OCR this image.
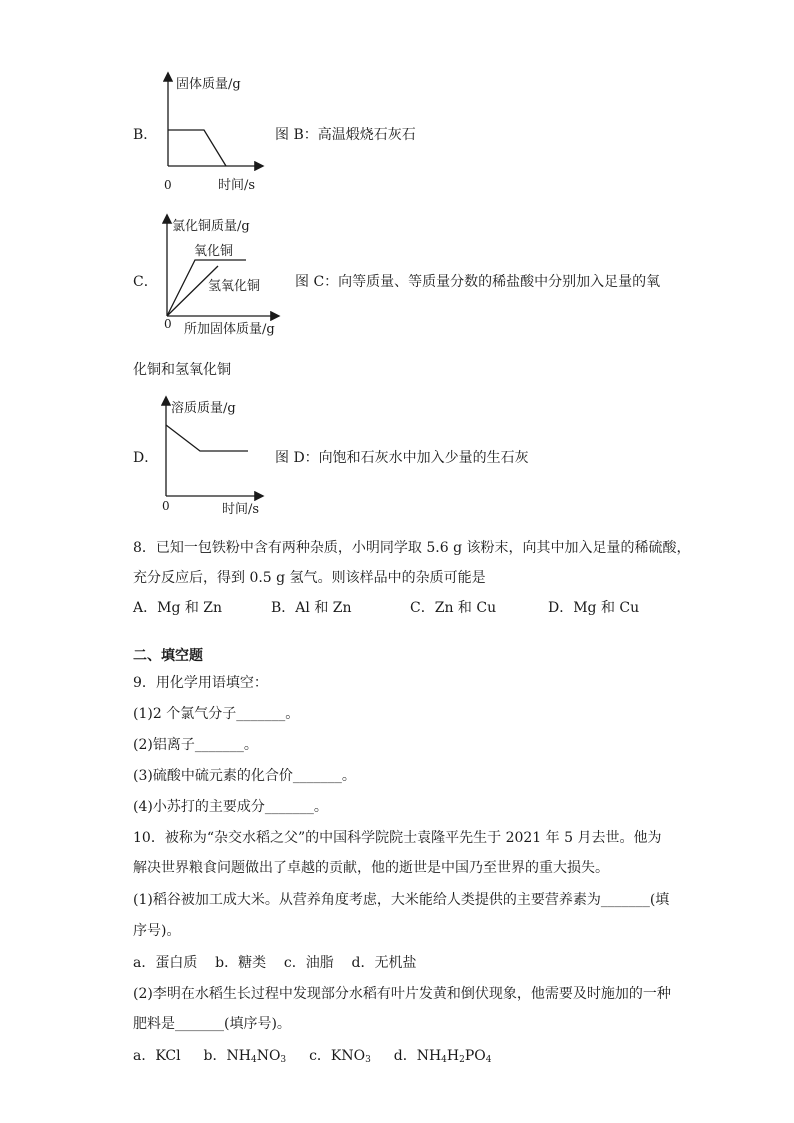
B．
固体质量/g
0	时间/s
图 B：高温煅烧石灰石
C．
氯化铜质量/g
氧化铜
氢氧化铜
0 所加固体质量/g
图 C：向等质量、等质量分数的稀盐酸中分别加入足量的氧
化铜和氢氧化铜
D．
溶质质量/g
0	时间/s
图 D：向饱和石灰水中加入少量的生石灰
8．已知一包铁粉中含有两种杂质，小明同学取 5.6 g 该粉末，向其中加入足量的稀硫酸，
充分反应后，得到 0.5 g 氢气。则该样品中的杂质可能是
A．Mg 和 Zn	B．Al 和 Zn	C．Zn 和 Cu	D．Mg 和 Cu
二、填空题
9．用化学用语填空：
(1)2 个氯气分子_______。
(2)铝离子_______。
(3)硫酸中硫元素的化合价_______。
(4)小苏打的主要成分_______。
10．被称为“杂交水稻之父”的中国科学院院士袁隆平先生于 2021 年 5 月去世。他为
解决世界粮食问题做出了卓越的贡献，他的逝世是中国乃至世界的重大损失。
(1)稻谷被加工成大米。从营养角度考虑，大米能给人类提供的主要营养素为_______(填
序号)。
a．蛋白质    b．糖类    c．油脂    d．无机盐
(2)李明在水稻生长过程中发现部分水稻有叶片发黄和倒伏现象，他需要及时施加的一种
肥料是_______(填序号)。
a．KCl b．$NH_4NO_3$ c．$KNO_3$ d．$NH_4H_2PO_4$
